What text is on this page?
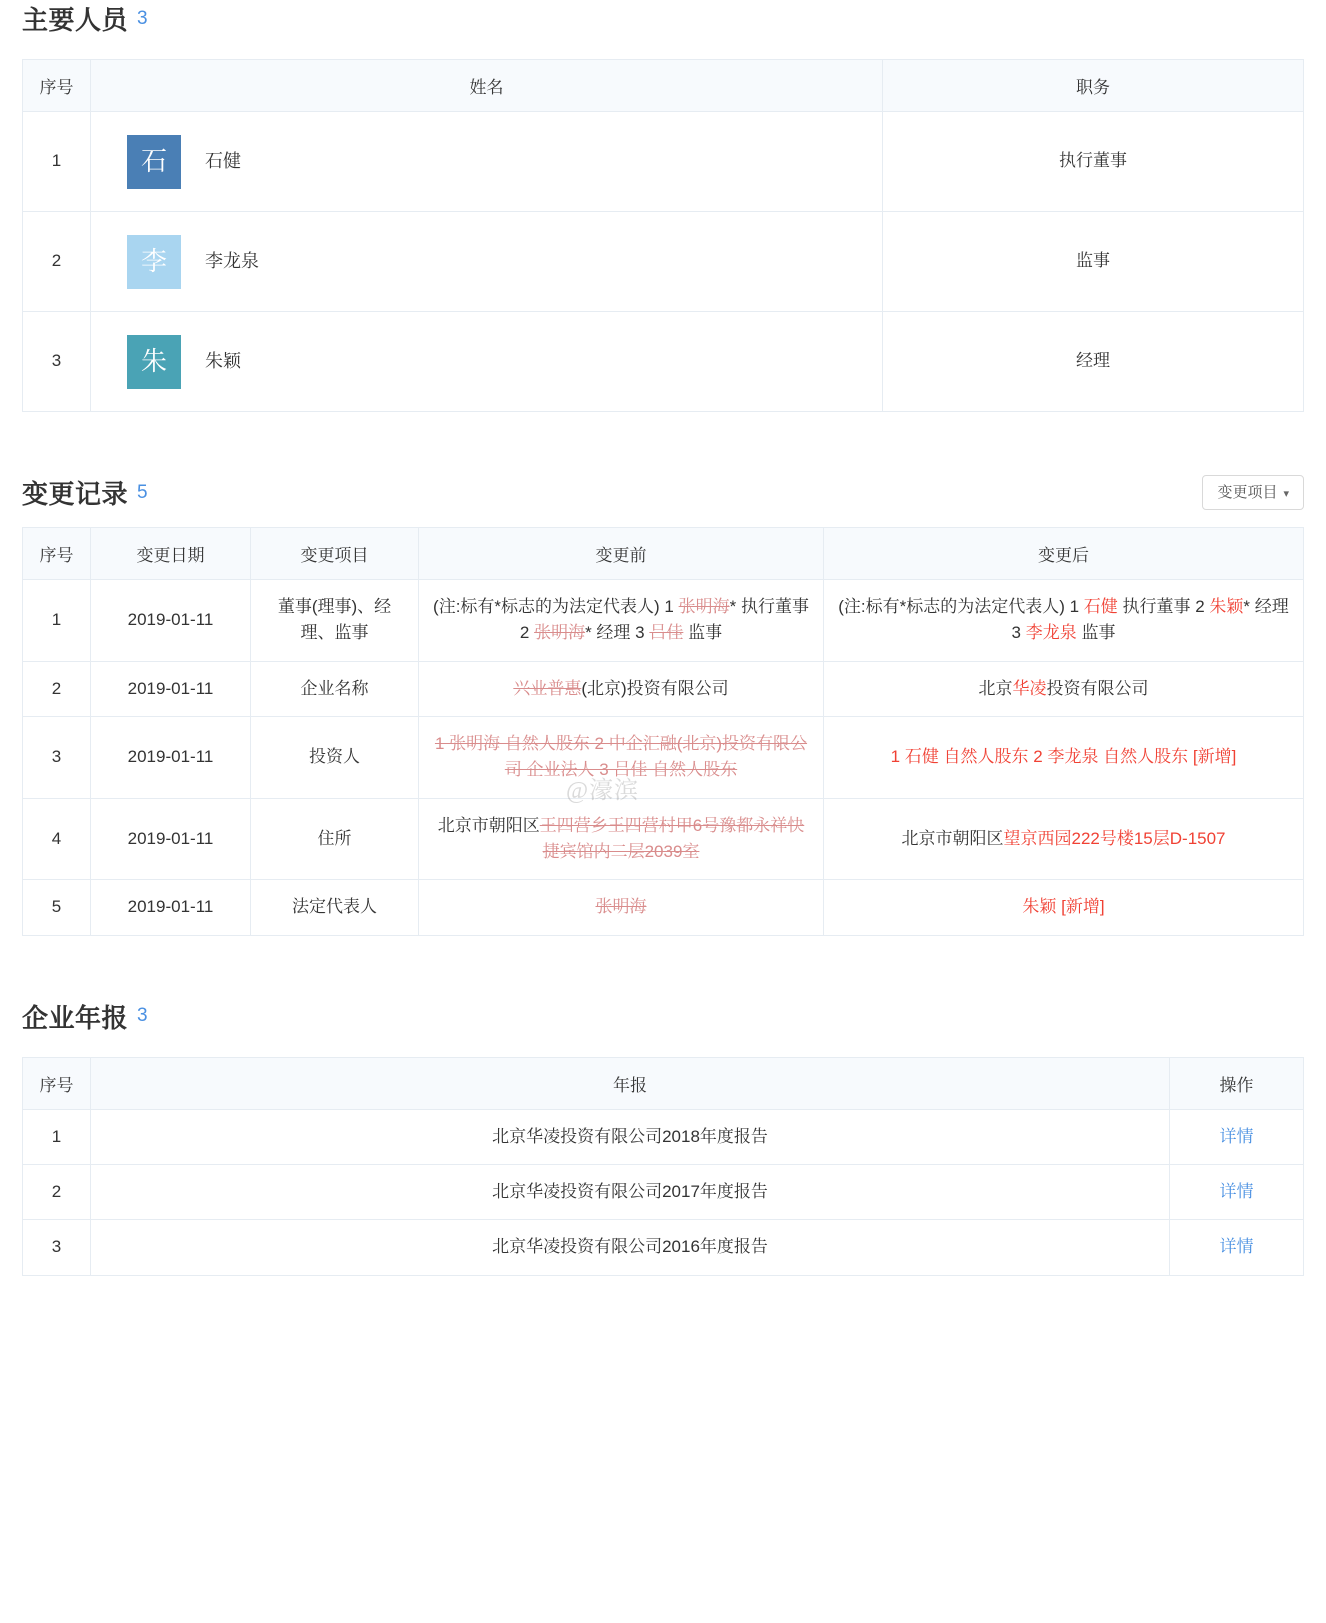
主要人员 3
序号	姓名	职务
1	石 石健	执行董事
2	李 李龙泉	监事
3	朱 朱颖	经理
变更记录 5	变更项目 ▾
序号	变更日期	变更项目	变更前	变更后
1	2019-01-11	董事(理事)、经理、监事	(注:标有*标志的为法定代表人) 1 张明海* 执行董事 2 张明海* 经理 3 吕佳 监事	(注:标有*标志的为法定代表人) 1 石健 执行董事 2 朱颖* 经理 3 李龙泉 监事
2	2019-01-11	企业名称	兴业普惠(北京)投资有限公司	北京华凌投资有限公司
3	2019-01-11	投资人	1 张明海 自然人股东 2 中企汇融(北京)投资有限公司 企业法人 3 吕佳 自然人股东	1 石健 自然人股东 2 李龙泉 自然人股东 [新增]
4	2019-01-11	住所	北京市朝阳区王四营乡王四营村甲6号豫都永祥快捷宾馆内二层2039室	北京市朝阳区望京西园222号楼15层D-1507
5	2019-01-11	法定代表人	张明海	朱颖 [新增]
企业年报 3
序号	年报	操作
1	北京华凌投资有限公司2018年度报告	详情
2	北京华凌投资有限公司2017年度报告	详情
3	北京华凌投资有限公司2016年度报告	详情
@濠滨
